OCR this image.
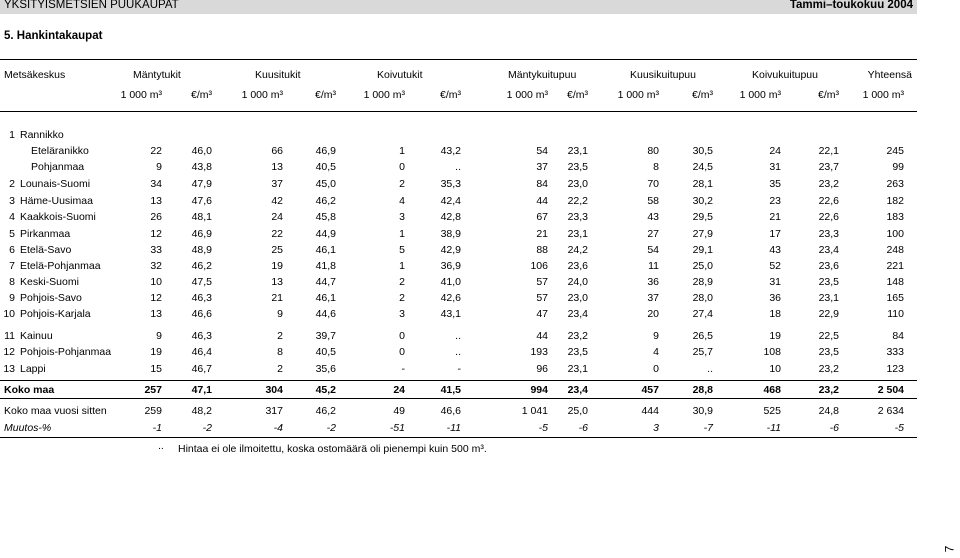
YKSITYISMETSIEN PUUKAUPAT	Tammi–toukokuu 2004
5. Hankintakaupat
Metsäkeskus	Mäntytukit	Kuusitukit	Koivutukit	Mäntykuitupuu	Kuusikuitupuu	Koivukuitupuu	Yhteensä
1 000 m³	€/m³	1 000 m³	€/m³	1 000 m³	€/m³	1 000 m³ €/m³	1 000 m³	€/m³	1 000 m³	€/m³ 1 000 m³
1 Rannikko
Eteläranikko	22	46,0	66	46,9	1	43,2	54 23,1	80	30,5	24	22,1	245
Pohjanmaa	9	43,8	13	40,5	0	..	37 23,5	8	24,5	31	23,7	99
2 Lounais-Suomi	34	47,9	37	45,0	2	35,3	84 23,0	70	28,1	35	23,2	263
3 Häme-Uusimaa	13	47,6	42	46,2	4	42,4	44 22,2	58	30,2	23	22,6	182
4 Kaakkois-Suomi	26	48,1	24	45,8	3	42,8	67 23,3	43	29,5	21	22,6	183
5 Pirkanmaa	12	46,9	22	44,9	1	38,9	21 23,1	27	27,9	17	23,3	100
6 Etelä-Savo	33	48,9	25	46,1	5	42,9	88 24,2	54	29,1	43	23,4	248
7 Etelä-Pohjanmaa	32	46,2	19	41,8	1	36,9	106 23,6	11	25,0	52	23,6	221
8 Keski-Suomi	10	47,5	13	44,7	2	41,0	57 24,0	36	28,9	31	23,5	148
9 Pohjois-Savo	12	46,3	21	46,1	2	42,6	57 23,0	37	28,0	36	23,1	165
10 Pohjois-Karjala	13	46,6	9	44,6	3	43,1	47 23,4	20	27,4	18	22,9	110
11 Kainuu	9	46,3	2	39,7	0	..	44 23,2	9	26,5	19	22,5	84
12 Pohjois-Pohjanmaa	19	46,4	8	40,5	0	..	193 23,5	4	25,7	108	23,5	333
13 Lappi	15	46,7	2	35,6	-	-	96 23,1	0	..	10	23,2	123
Koko maa	257	47,1	304	45,2	24	41,5	994 23,4	457	28,8	468	23,2	2 504
Koko maa vuosi sitten	259	48,2	317	46,2	49	46,6	1 041 25,0	444	30,9	525	24,8	2 634
Muutos-%	-1	-2	-4	-2	-51	-11	-5	-6	3	-7	-11	-6	-5
.. Hintaa ei ole ilmoitettu, koska ostomäärä oli pienempi kuin 500 m³.
7
